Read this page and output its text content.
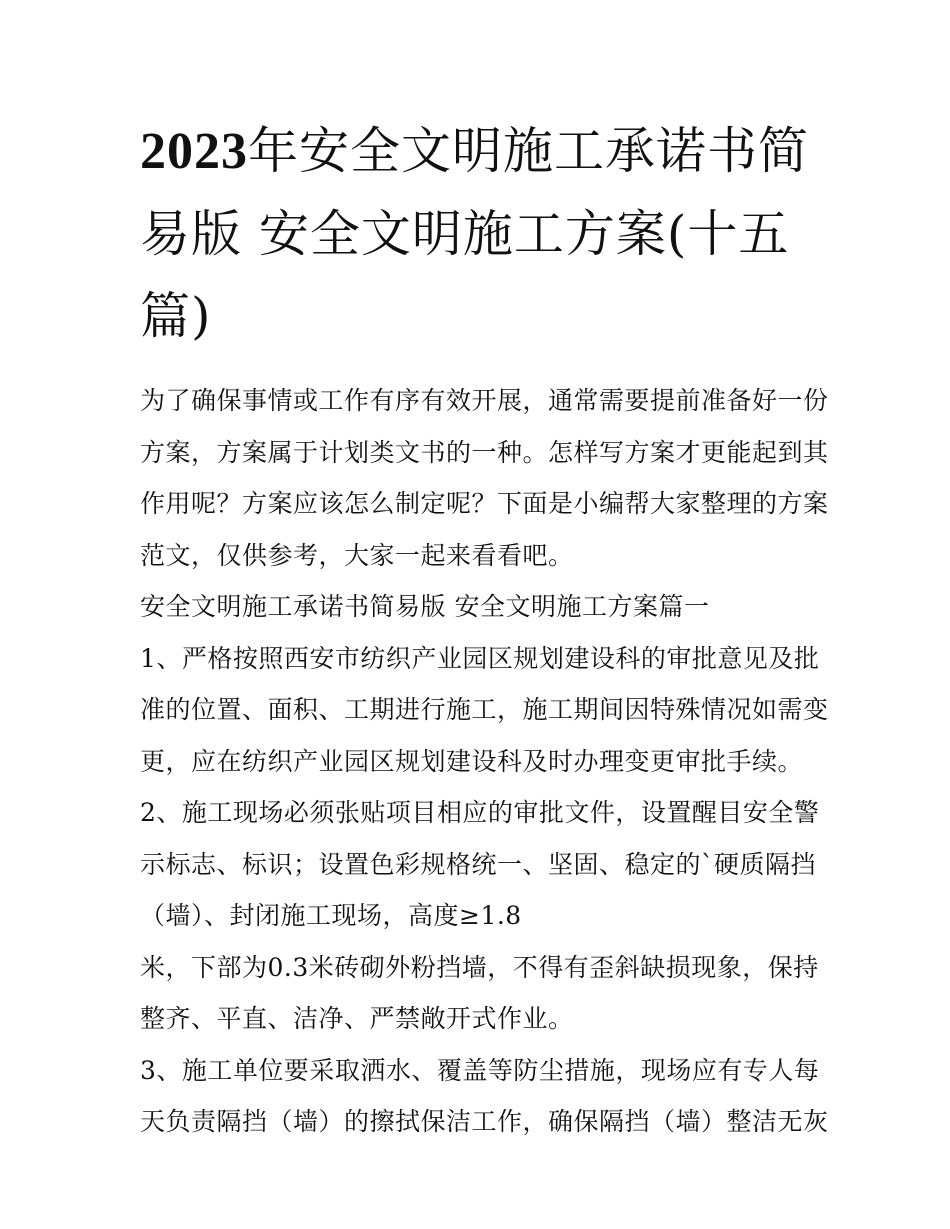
2023年安全文明施工承诺书简易版 安全文明施工方案(十五篇)

为了确保事情或工作有序有效开展，通常需要提前准备好一份

方案，方案属于计划类文书的一种。怎样写方案才更能起到其

作用呢？方案应该怎么制定呢？下面是小编帮大家整理的方案

范文，仅供参考，大家一起来看看吧。

安全文明施工承诺书简易版 安全文明施工方案篇一

1、严格按照西安市纺织产业园区规划建设科的审批意见及批

准的位置、面积、工期进行施工，施工期间因特殊情况如需变

更，应在纺织产业园区规划建设科及时办理变更审批手续。

2、施工现场必须张贴项目相应的审批文件，设置醒目安全警

示标志、标识；设置色彩规格统一、坚固、稳定的`硬质隔挡

（墙）、封闭施工现场，高度≥1.8

米，下部为0.3米砖砌外粉挡墙，不得有歪斜缺损现象，保持

整齐、平直、洁净、严禁敞开式作业。

3、施工单位要采取洒水、覆盖等防尘措施，现场应有专人每

天负责隔挡（墙）的擦拭保洁工作，确保隔挡（墙）整洁无灰
